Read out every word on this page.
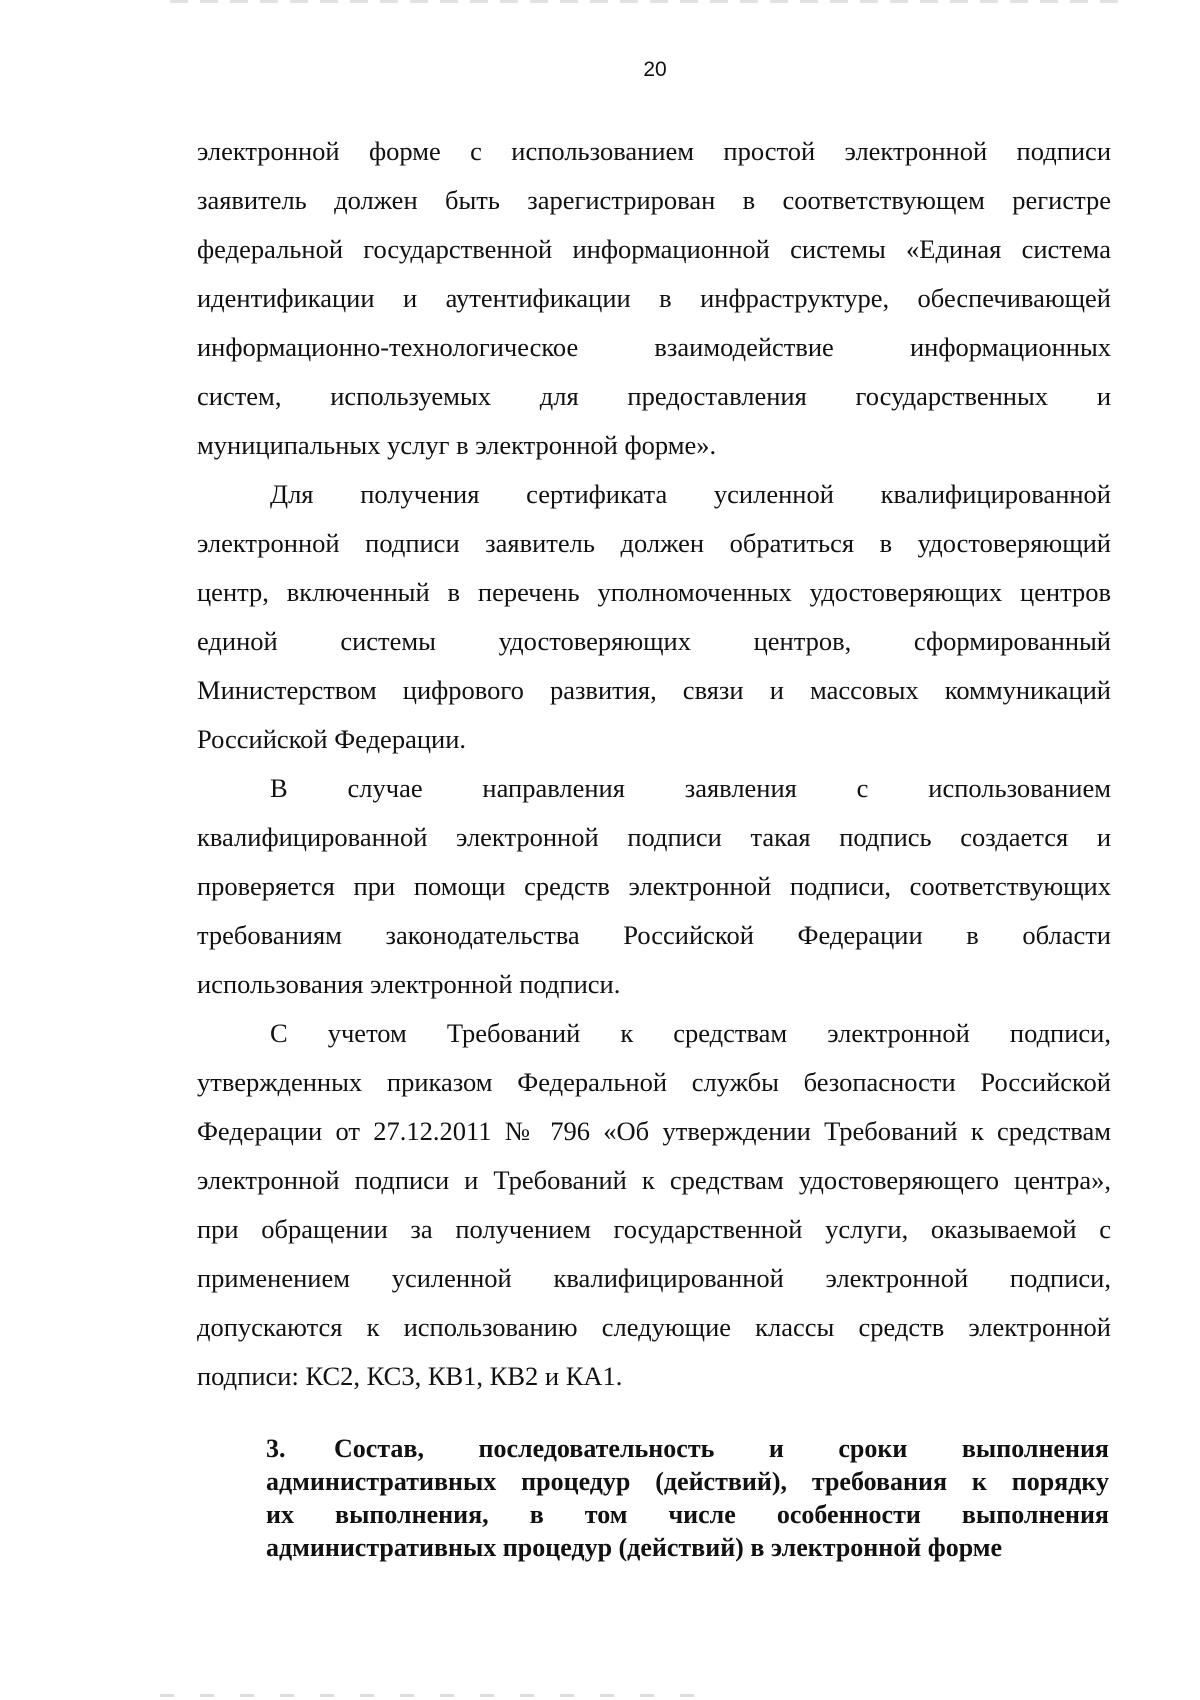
20

электронной форме с использованием простой электронной подписи
заявитель должен быть зарегистрирован в соответствующем регистре
федеральной государственной информационной системы «Единая система
идентификации и аутентификации в инфраструктуре, обеспечивающей
информационно-технологическое взаимодействие информационных
систем, используемых для предоставления государственных и
муниципальных услуг в электронной форме».

Для получения сертификата усиленной квалифицированной
электронной подписи заявитель должен обратиться в удостоверяющий
центр, включенный в перечень уполномоченных удостоверяющих центров
единой системы удостоверяющих центров, сформированный
Министерством цифрового развития, связи и массовых коммуникаций
Российской Федерации.

В случае направления заявления с использованием
квалифицированной электронной подписи такая подпись создается и
проверяется при помощи средств электронной подписи, соответствующих
требованиям законодательства Российской Федерации в области
использования электронной подписи.

С учетом Требований к средствам электронной подписи,
утвержденных приказом Федеральной службы безопасности Российской
Федерации от 27.12.2011 № 796 «Об утверждении Требований к средствам
электронной подписи и Требований к средствам удостоверяющего центра»,
при обращении за получением государственной услуги, оказываемой с
применением усиленной квалифицированной электронной подписи,
допускаются к использованию следующие классы средств электронной
подписи: КС2, КС3, КВ1, КВ2 и КА1.

3. Состав, последовательность и сроки выполнения
административных процедур (действий), требования к порядку
их выполнения, в том числе особенности выполнения
административных процедур (действий) в электронной форме
